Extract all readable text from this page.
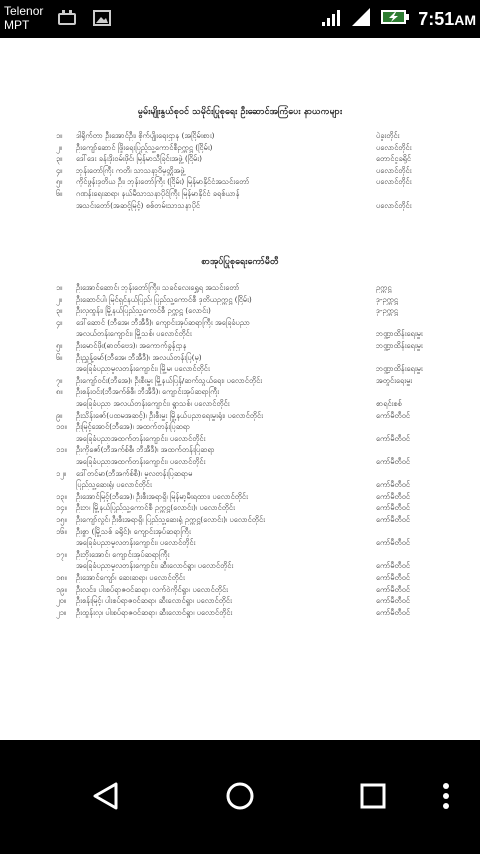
Telenor
MPT	7:51AM
မွမ်းမျိုးနွယ်စုဝင် သမိုင်းပြုစုရေး ဦးဆောင်အကြံပေး နာယကများ
၁။	ဒါရိုက်တာ ဦးအောင်ဦး၊ စိုက်ပျိုးရေးဌာန (အငြိမ်းစား)	ပဲခူးတိုင်း
၂။	ဦးကျော်ဆောင် ဖြိုးရေးပြည့်သူ့ကောင်စီဥက္ကဋ္ဌ (ငြိမ်း)	ပလောင်တိုင်း
၃။	ဒေါ်ဒေး ခန်းဒိုးဝမ်းဖိုင်၊ မြန်မာသီခြင်းအဖွဲ့ (ငြိမ်း)	တောင်ငူခရိုင်
၄။	ဘုန်းတော်ကြီး ကတိ၊ သာသနာ့ဝိမုတ္တိအဖွဲ့	ပလောင်တိုင်း
၅။	ကိုင်ဖွန်းဒုတိယ ဦး၊ ဘုန်းတော်ကြီး (ငြိမ်း) မြန်မာနိုင်ငံအသင်းတော်	ပလောင်တိုင်း
၆။	ဂဏန်းရေးဆရာ၊ နယ်မီသာသနာပိုင်ကြီး မြန်မာနိုင်ငံ ခရစ်ယာန်
အသင်းတော်(အဆင့်မြင့်) စစ်တမ်းသာသနာပိုင်	ပလောင်တိုင်း
စာအုပ်ပြုစုရေးကော်မီတီ
၁။	ဦးအောင်ဆောင်၊ ဘုန်းတော်ကြီး၊ သခင်လေးရွှေရ အသင်းတော်	ဥက္ကဋ္ဌ
၂။	ဦးဆောင်ပါ၊ မြင်ရှင်နယ်ပြည်၊ ပြည်သူ့ကောင်စီ ဒုတိယဥက္ကဋ္ဌ (ငြိမ်း)	ဒု-ဥက္ကဋ္ဌ
၃။	ဦးလှထွန်း၊ မြို့နယ်ပြည်သူ့ကောင်စီ ဥက္ကဋ္ဌ (လောင်း)	ဒု-ဥက္ကဋ္ဌ
၄။	ဒေါ်ဆောင် (ဘီအေ၊ ဘီအီဒီ)၊ ကျောင်းအုပ်ဆရာကြီး အခြေခံပညာ
အလယ်တန်းကျောင်း၊ မြို့သစ်၊ ပလောင်တိုင်း	ဘဏ္ဍာထိန်းရေးမှူး
၅။	ဦးမောင်ဖိုး(ဓာတ်ဗေဒ)၊ အကောက်ခွန်ဌာန	ဘဏ္ဍာထိန်းရေးမှူး
၆။	ဦးညွှန့်မော်(ဘီအေ၊ ဘီအီဒီ)၊ အလယ်တန်းပြ(မှ)
အခြေခံပညာမူလတန်းကျောင်း၊ မြို့မ၊ ပလောင်တိုင်း	ဘဏ္ဍာထိန်းရေးမှူး
၇။	ဦးကျော်ဝင်း(ဘီအေ)၊ ဦးစီးမှူး မြို့နယ်ပြန်/ဆက်သွယ်ရေး၊ ပလောင်တိုင်း	အတွင်းရေးမှူး
၈။	ဦးစန်းဝင်း(ဘီအက်စ်စီ၊ ဘီအီဒီ)၊ ကျောင်းအုပ်ဆရာကြီး
အခြေခံပညာ အလယ်တန်းကျောင်း၊ ရွာသစ်၊ ပလောင်တိုင်း	စာရင်းစစ်
၉။	ဦးသိန်းဇော်(ပထမအဆင့်)၊ ဦးစီးမှူး မြို့နယ်ပညာရေးမှူးရုံး၊ ပလောင်တိုင်း	ကော်မီတီဝင်
၁၀။	ဦးမြင့်အောင်(ဘီအေ)၊ အထက်တန်းပြဆရာ
အခြေခံပညာအထက်တန်းကျောင်း၊ ပလောင်တိုင်း	ကော်မီတီဝင်
၁၁။	ဦးကိုဇော်(ဘီအက်စ်စီ၊ ဘီအီဒီ)၊ အထက်တန်းပြဆရာ
အခြေခံပညာအထက်တန်းကျောင်း၊ ပလောင်တိုင်း	ကော်မီတီဝင်
၁၂။	ဒေါ်တင်မာ(ဘီအက်စ်စီ)၊ မူလတန်းပြဆရာမ
ပြည်သူ့ဆေးရုံ၊ ပလောင်တိုင်း	ကော်မီတီဝင်
၁၃။	ဦးအောင်မြင့်(ဘီအေ)၊ ဦးစီးအရာရှိ၊ မြန်မာ့မီးရထား၊ ပလောင်တိုင်း	ကော်မီတီဝင်
၁၄။	ဦးဘ၊ မြို့နယ်ပြည်သူ့ကောင်စီ ဥက္ကဋ္ဌ(လောင်း)၊ ပလောင်တိုင်း	ကော်မီတီဝင်
၁၅။	ဦးကျော်လွင်၊ ဦးစီးအရာရှိ၊ ပြည်သူ့ဆေးရုံ ဥက္ကဋ္ဌ(လောင်း)၊ ပလောင်တိုင်း	ကော်မီတီဝင်
၁၆။	ဦးစွာ (မြို့သစ် ခရိုင်)၊ ကျောင်းအုပ်ဆရာကြီး
အခြေခံပညာမူလတန်းကျောင်း၊ ပလောင်တိုင်း	ကော်မီတီဝင်
၁၇။	ဦးဘိုးအောင်၊ ကျောင်းအုပ်ဆရာကြီး
အခြေခံပညာမူလတန်းကျောင်း၊ ဆီးလောင်ရွာ၊ ပလောင်တိုင်း	ကော်မီတီဝင်
၁၈။	ဦးအောင်ကျော်၊ ဆေးဆရာ၊ ပလောင်တိုင်း	ကော်မီတီဝင်
၁၉။	ဦးလင်း၊ ပါးစပ်ရာဇဝင်ဆရာ၊ လက်ဝဲကိုင်ရွာ၊ ပလောင်တိုင်း	ကော်မီတီဝင်
၂၀။	ဦးစန်းမြင့်၊ ပါးစပ်ရာဇဝင်ဆရာ၊ ဆီးလောင်ရွာ၊ ပလောင်တိုင်း	ကော်မီတီဝင်
၂၁။	ဦးထွန်းလှ၊ ပါးစပ်ရာဇဝင်ဆရာ၊ ဆီးလောင်ရွာ၊ ပလောင်တိုင်း	ကော်မီတီဝင်
